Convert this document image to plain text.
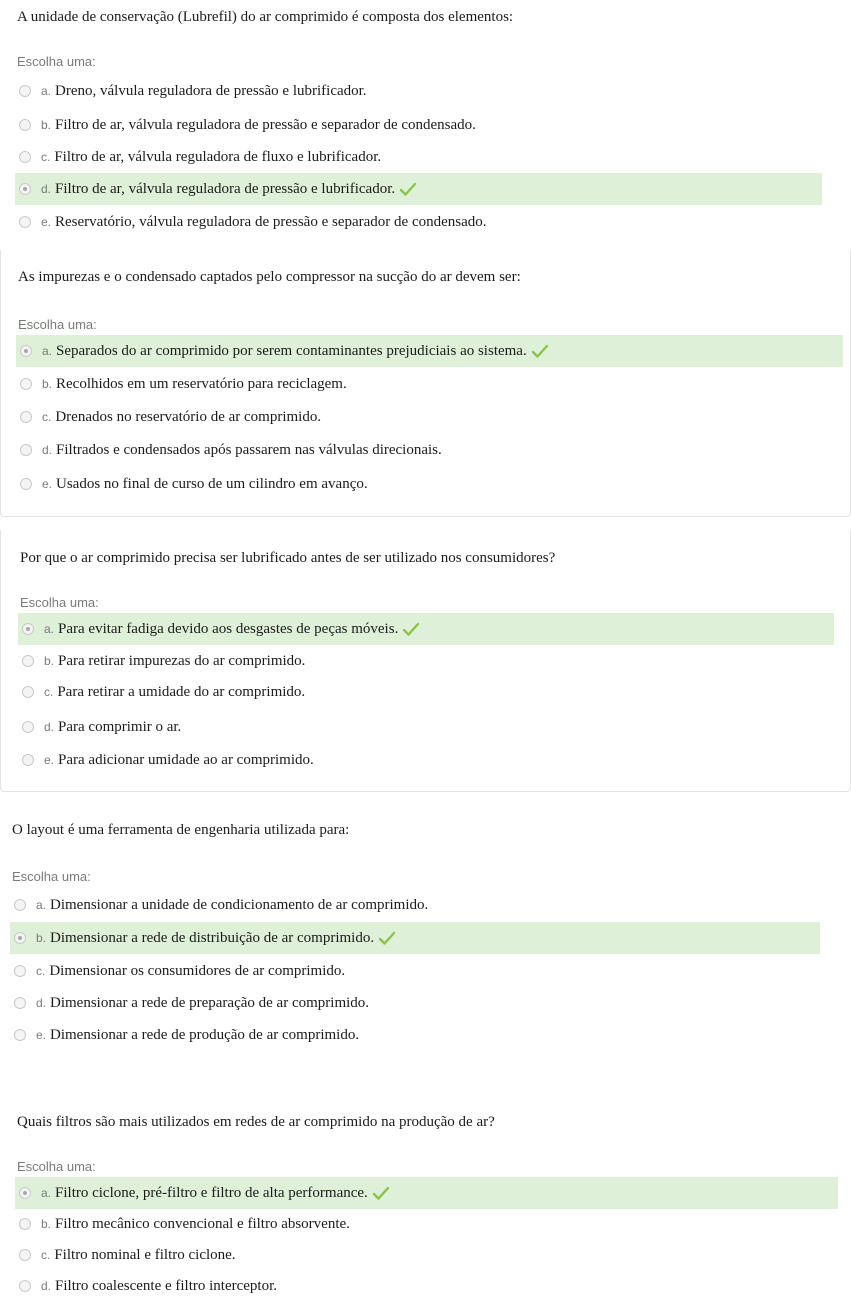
A unidade de conservação (Lubrefil) do ar comprimido é composta dos elementos:
Escolha uma:
a. Dreno, válvula reguladora de pressão e lubrificador.
b. Filtro de ar, válvula reguladora de pressão e separador de condensado.
c. Filtro de ar, válvula reguladora de fluxo e lubrificador.
d. Filtro de ar, válvula reguladora de pressão e lubrificador.
e. Reservatório, válvula reguladora de pressão e separador de condensado.
As impurezas e o condensado captados pelo compressor na sucção do ar devem ser:
Escolha uma:
a. Separados do ar comprimido por serem contaminantes prejudiciais ao sistema.
b. Recolhidos em um reservatório para reciclagem.
c. Drenados no reservatório de ar comprimido.
d. Filtrados e condensados após passarem nas válvulas direcionais.
e. Usados no final de curso de um cilindro em avanço.
Por que o ar comprimido precisa ser lubrificado antes de ser utilizado nos consumidores?
Escolha uma:
a. Para evitar fadiga devido aos desgastes de peças móveis.
b. Para retirar impurezas do ar comprimido.
c. Para retirar a umidade do ar comprimido.
d. Para comprimir o ar.
e. Para adicionar umidade ao ar comprimido.
O layout é uma ferramenta de engenharia utilizada para:
Escolha uma:
a. Dimensionar a unidade de condicionamento de ar comprimido.
b. Dimensionar a rede de distribuição de ar comprimido.
c. Dimensionar os consumidores de ar comprimido.
d. Dimensionar a rede de preparação de ar comprimido.
e. Dimensionar a rede de produção de ar comprimido.
Quais filtros são mais utilizados em redes de ar comprimido na produção de ar?
Escolha uma:
a. Filtro ciclone, pré-filtro e filtro de alta performance.
b. Filtro mecânico convencional e filtro absorvente.
c. Filtro nominal e filtro ciclone.
d. Filtro coalescente e filtro interceptor.
